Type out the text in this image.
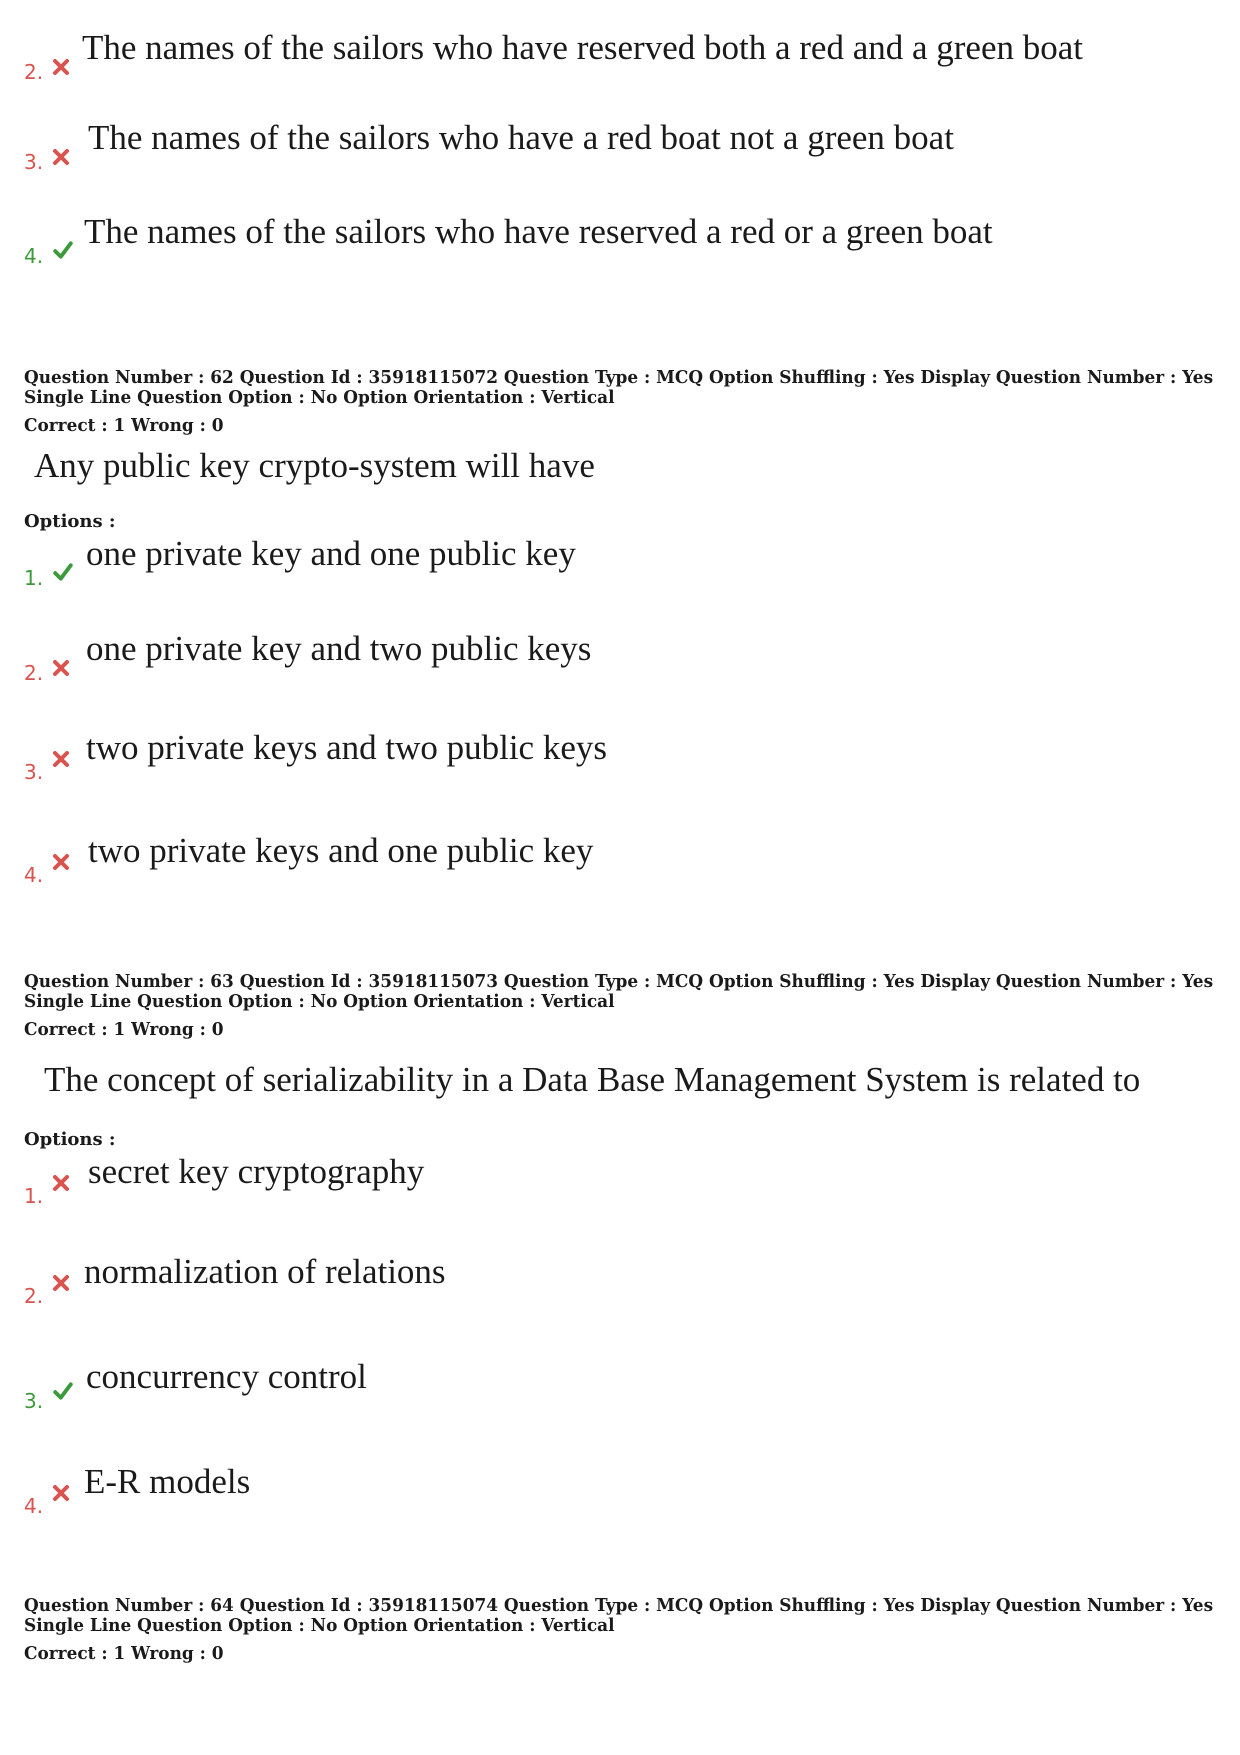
2.
The names of the sailors who have reserved both a red and a green boat
3.
The names of the sailors who have a red boat not a green boat
4.
The names of the sailors who have reserved a red or a green boat
Question Number : 62 Question Id : 35918115072 Question Type : MCQ Option Shuffling : Yes Display Question Number : Yes
Single Line Question Option : No Option Orientation : Vertical
Correct : 1 Wrong : 0
Any public key crypto-system will have
Options :
1.
one private key and one public key
2.
one private key and two public keys
3.
two private keys and two public keys
4.
two private keys and one public key
Question Number : 63 Question Id : 35918115073 Question Type : MCQ Option Shuffling : Yes Display Question Number : Yes
Single Line Question Option : No Option Orientation : Vertical
Correct : 1 Wrong : 0
The concept of serializability in a Data Base Management System is related to
Options :
1.
secret key cryptography
2.
normalization of relations
3.
concurrency control
4.
E-R models
Question Number : 64 Question Id : 35918115074 Question Type : MCQ Option Shuffling : Yes Display Question Number : Yes
Single Line Question Option : No Option Orientation : Vertical
Correct : 1 Wrong : 0
